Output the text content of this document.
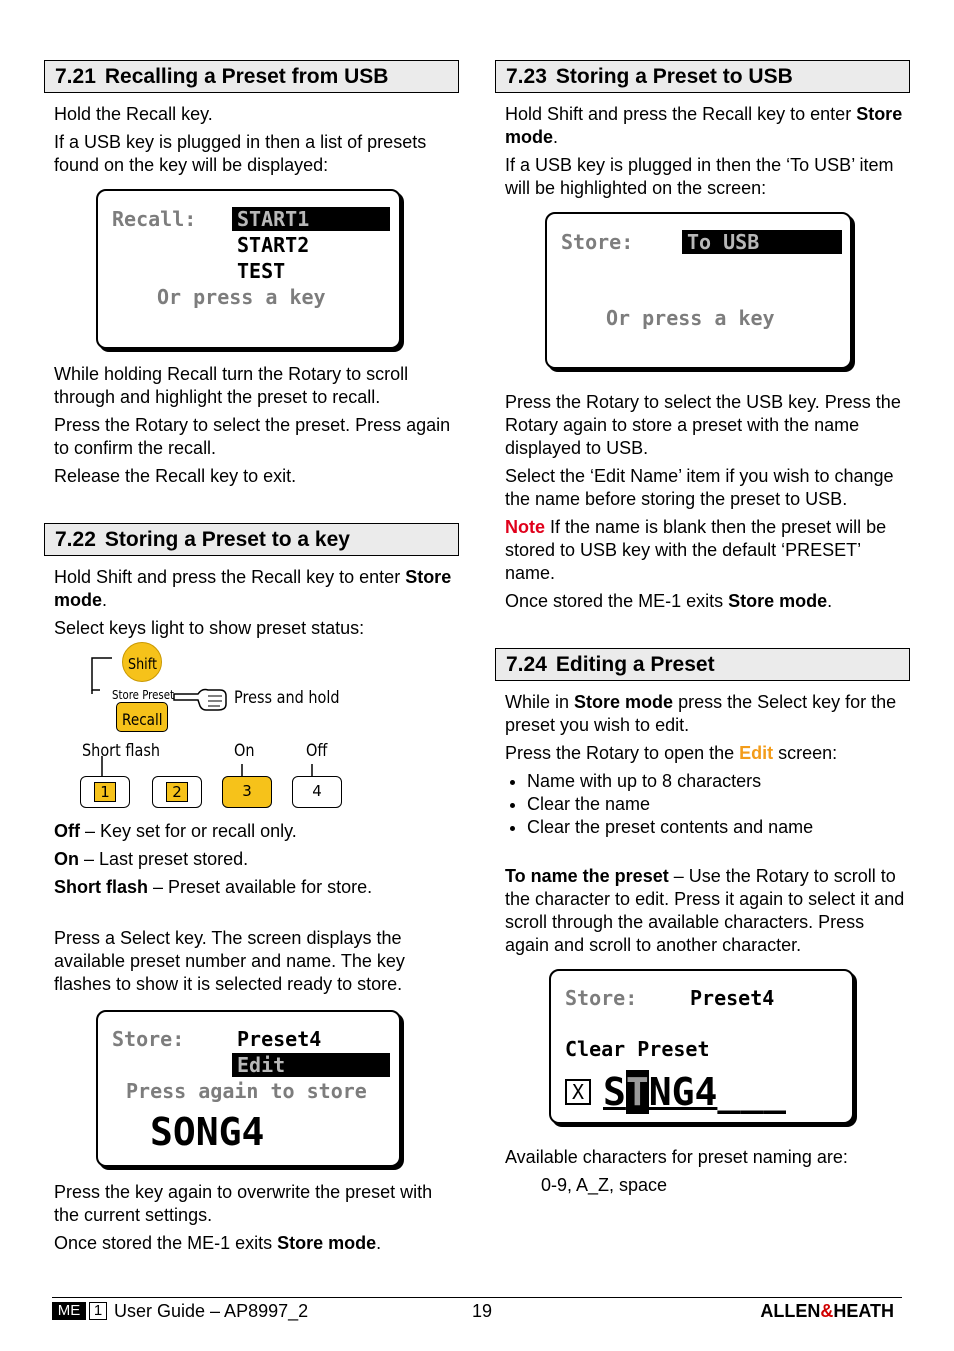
7.21 Recalling a Preset from USB

Hold the Recall key.

If a USB key is plugged in then a list of presets found on the key will be displayed:

Recall: START1
START2
TEST
Or press a key

While holding Recall turn the Rotary to scroll through and highlight the preset to recall.

Press the Rotary to select the preset. Press again to confirm the recall.

Release the Recall key to exit.

7.22 Storing a Preset to a key

Hold Shift and press the Recall key to enter Store mode.

Select keys light to show preset status:

Shift
Store Preset
Recall
Press and hold
Short flash	On	Off
1	2	3	4

Off – Key set for or recall only.

On – Last preset stored.

Short flash – Preset available for store.

Press a Select key. The screen displays the available preset number and name. The key flashes to show it is selected ready to store.

Store:	Preset4
Edit
Press again to store
SONG4

Press the key again to overwrite the preset with the current settings.

Once stored the ME-1 exits Store mode.

7.23 Storing a Preset to USB

Hold Shift and press the Recall key to enter Store mode.

If a USB key is plugged in then the ‘To USB’ item will be highlighted on the screen:

Store:	To USB
Or press a key

Press the Rotary to select the USB key. Press the Rotary again to store a preset with the name displayed to USB.

Select the ‘Edit Name’ item if you wish to change the name before storing the preset to USB.

Note If the name is blank then the preset will be stored to USB key with the default ‘PRESET’ name.

Once stored the ME-1 exits Store mode.

7.24 Editing a Preset

While in Store mode press the Select key for the preset you wish to edit.

Press the Rotary to open the Edit screen:

• Name with up to 8 characters
• Clear the name
• Clear the preset contents and name

To name the preset – Use the Rotary to scroll to the character to edit. Press it again to select it and scroll through the available characters. Press again and scroll to another character.

Store:	Preset4
Clear Preset
X STNG4___

Available characters for preset naming are:

0-9, A_Z, space

ME 1 User Guide – AP8997_2	19	ALLEN&HEATH
